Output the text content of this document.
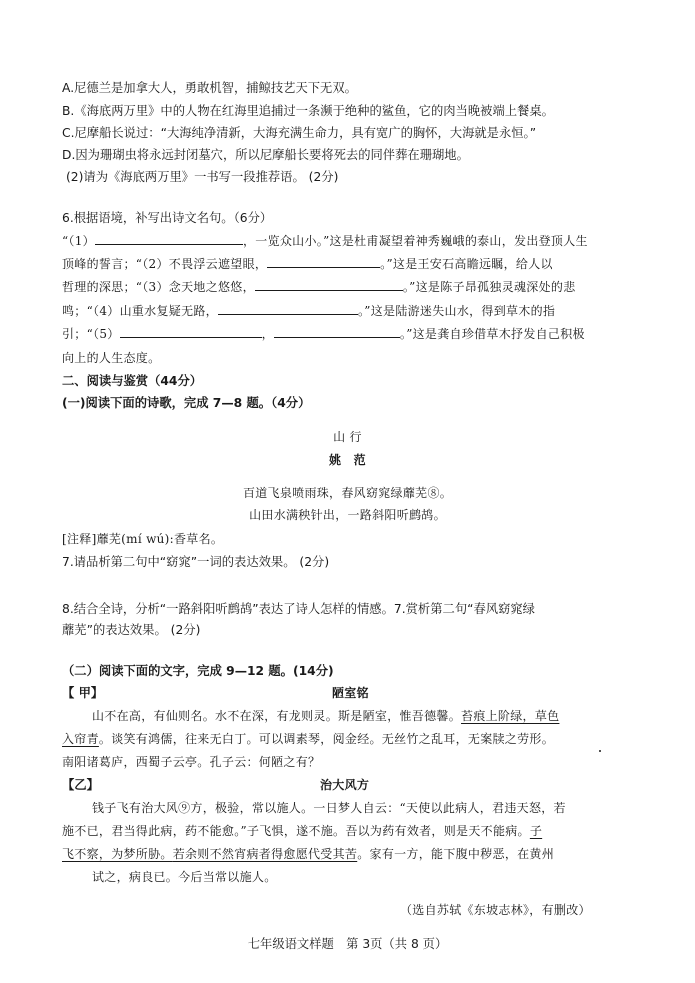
A.尼德兰是加拿大人，勇敢机智，捕鲸技艺天下无双。
B.《海底两万里》中的人物在红海里追捕过一条濒于绝种的鲨鱼，它的肉当晚被端上餐桌。
C.尼摩船长说过：“大海纯净清新，大海充满生命力，具有宽广的胸怀，大海就是永恒。”
D.因为珊瑚虫将永远封闭墓穴，所以尼摩船长要将死去的同伴葬在珊瑚地。
(2)请为《海底两万里》一书写一段推荐语。 (2分)
6.根据语境，补写出诗文名句。（6分）
“（1）	，一览众山小。”这是杜甫凝望着神秀巍峨的泰山，发出登顶人生
顶峰的誓言；“（2）不畏浮云遮望眼，	。”这是王安石高瞻远瞩，给人以
哲理的深思；“（3）念天地之悠悠，	。”这是陈子昂孤独灵魂深处的悲
鸣；“（4）山重水复疑无路，	。”这是陆游迷失山水，得到草木的指
引；“（5）	，	。”这是龚自珍借草木抒发自己积极
向上的人生态度。
二、阅读与鉴赏（44分）
(一)阅读下面的诗歌，完成 7—8 题。（4分）
山 行
姚　范
百道飞泉喷雨珠，春风窈窕绿蘼芜⑧。
山田水满秧针出，一路斜阳听鹧鸪。
[注释]蘼芜(mí wú):香草名。
7.请品析第二句中“窈窕”一词的表达效果。 (2分)
8.结合全诗，分析“一路斜阳听鹧鸪”表达了诗人怎样的情感。7.赏析第二句“春风窈窕绿
蘼芜”的表达效果。 (2分)
（二）阅读下面的文字，完成 9—12 题。(14分)
【 甲】	陋室铭
山不在高，有仙则名。水不在深，有龙则灵。斯是陋室，惟吾德馨。苔痕上阶绿，草色
入帘青。谈笑有鸿儒，往来无白丁。可以调素琴，阅金经。无丝竹之乱耳，无案牍之劳形。
南阳诸葛庐，西蜀子云亭。孔子云：何陋之有？
【乙】	治大风方
钱子飞有治大风⑨方，极验，常以施人。一日梦人自云：“天使以此病人，君违天怒，若
施不已，君当得此病，药不能愈。”子飞惧，遂不施。吾以为药有效者，则是天不能病。子
飞不察，为梦所胁。若余则不然宵病者得愈愿代受其苦。家有一方，能下腹中秽恶，在黄州
试之，病良已。今后当常以施人。
（选自苏轼《东坡志林》，有删改）
七年级语文样题　第 3页（共 8 页）
